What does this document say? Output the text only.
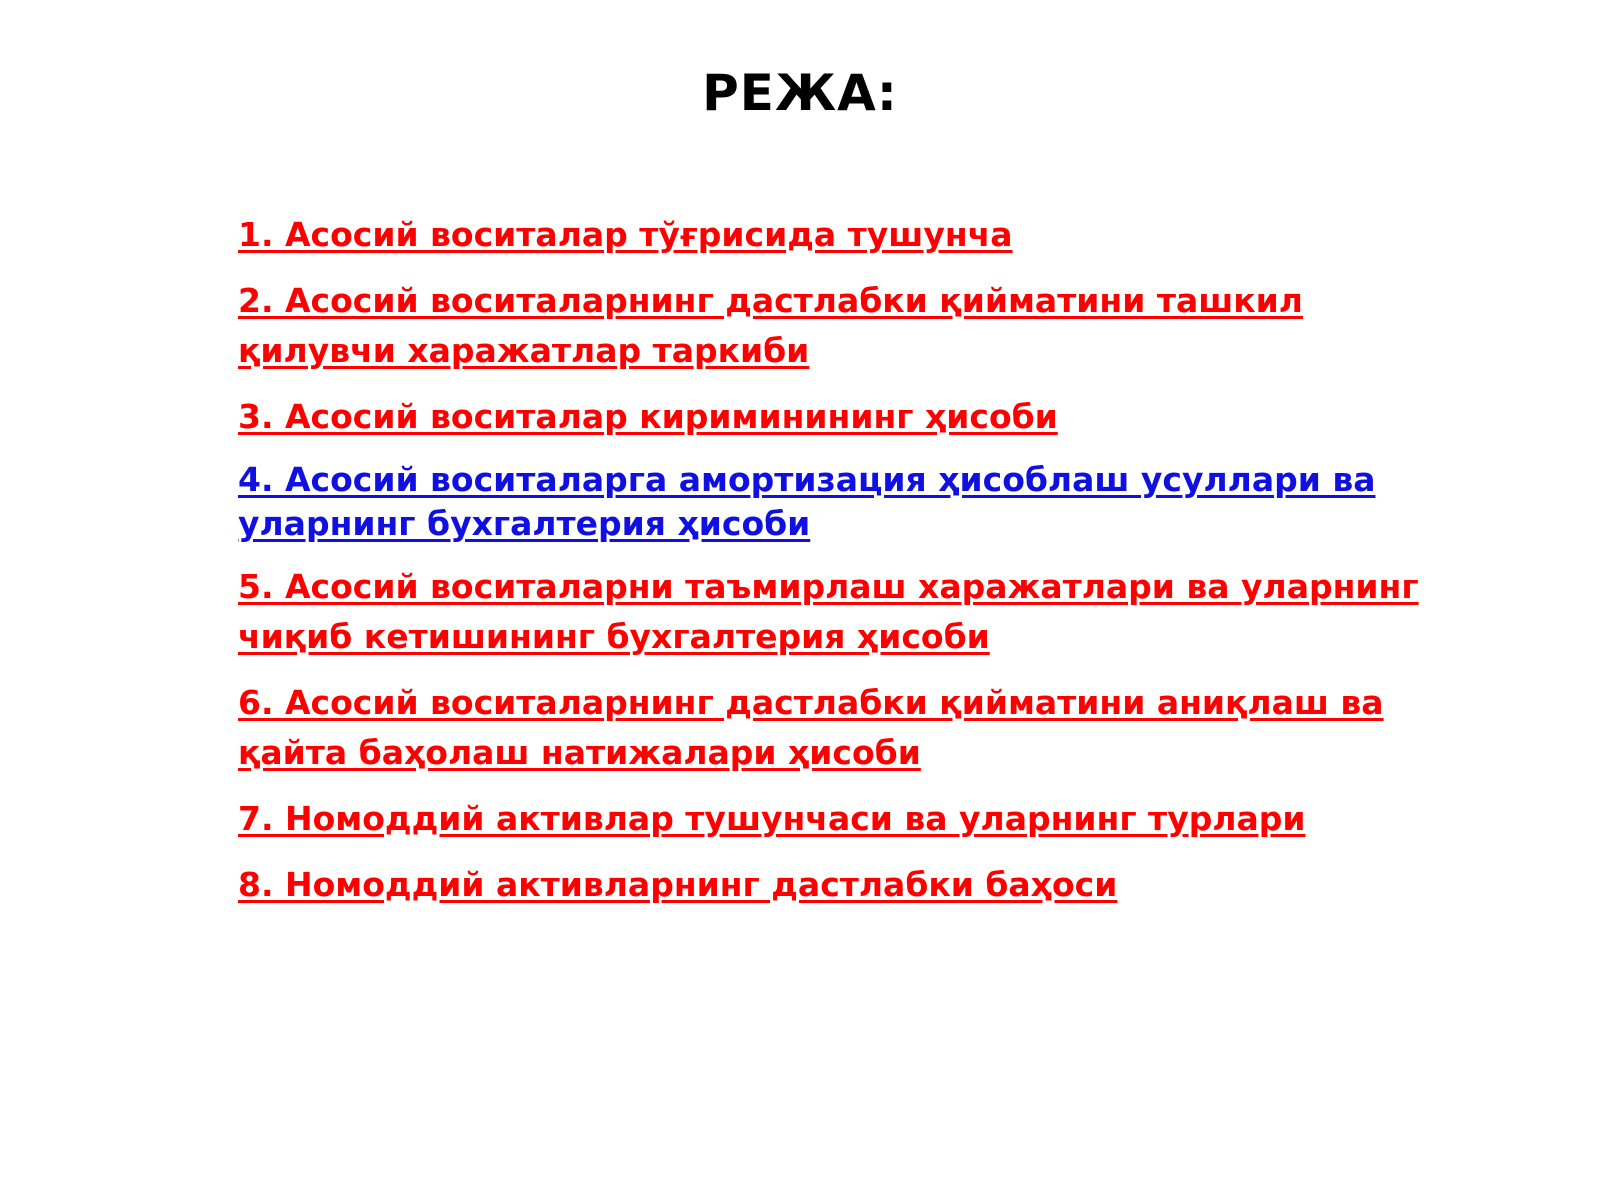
РЕЖА:
1. Асосий воситалар тўғрисида тушунча
2. Асосий воситаларнинг дастлабки қийматини ташкил қилувчи харажатлар таркиби
3. Асосий воситалар кириминининг ҳисоби
4. Асосий воситаларга амортизация ҳисоблаш усуллари ва уларнинг бухгалтерия ҳисоби
5. Асосий воситаларни таъмирлаш харажатлари ва уларнинг чиқиб кетишининг бухгалтерия ҳисоби
6. Асосий воситаларнинг дастлабки қийматини аниқлаш ва қайта баҳолаш натижалари ҳисоби
7. Номоддий активлар тушунчаси ва уларнинг турлари
8. Номоддий активларнинг дастлабки баҳоси
